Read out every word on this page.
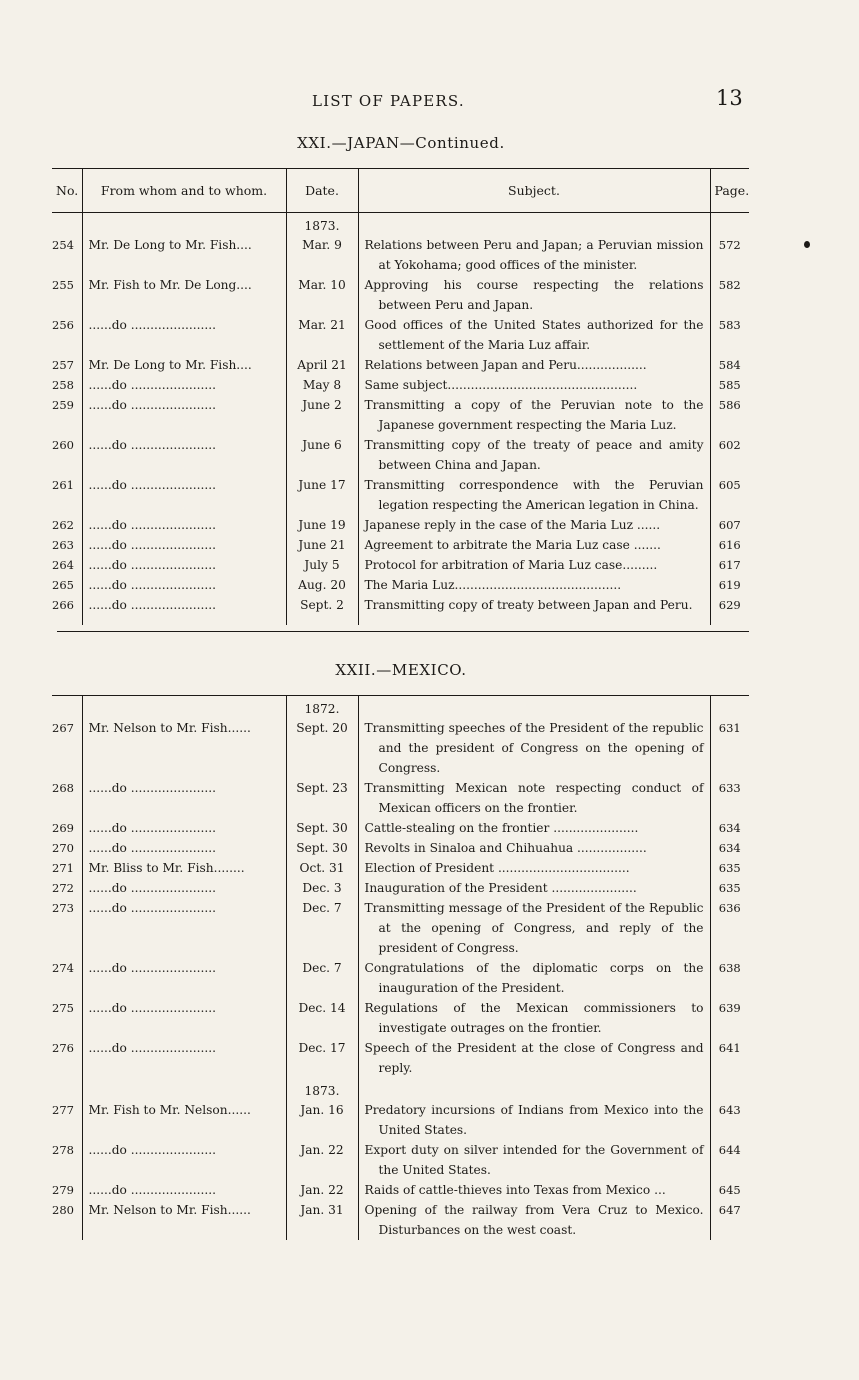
LIST OF PAPERS.	13
XXI.—JAPAN—Continued.
No.	From whom and to whom.	Date.	Subject.	Page.
		1873.		
254	Mr. De Long to Mr. Fish....	Mar. 9	Relations between Peru and Japan; a Peruvian mission at Yokohama; good offices of the minister.	572
255	Mr. Fish to Mr. De Long....	Mar. 10	Approving his course respecting the relations between Peru and Japan.	582
256	......do ......................	Mar. 21	Good offices of the United States authorized for the settlement of the Maria Luz affair.	583
257	Mr. De Long to Mr. Fish....	April 21	Relations between Japan and Peru..................	584
258	......do ......................	May 8	Same subject.................................................	585
259	......do ......................	June 2	Transmitting a copy of the Peruvian note to the Japanese government respecting the Maria Luz.	586
260	......do ......................	June 6	Transmitting copy of the treaty of peace and amity between China and Japan.	602
261	......do ......................	June 17	Transmitting correspondence with the Peruvian legation respecting the American legation in China.	605
262	......do ......................	June 19	Japanese reply in the case of the Maria Luz ......	607
263	......do ......................	June 21	Agreement to arbitrate the Maria Luz case .......	616
264	......do ......................	July 5	Protocol for arbitration of Maria Luz case.........	617
265	......do ......................	Aug. 20	The Maria Luz...........................................	619
266	......do ......................	Sept. 2	Transmitting copy of treaty between Japan and Peru.	629

XXII.—MEXICO.
		1872.		
267	Mr. Nelson to Mr. Fish......	Sept. 20	Transmitting speeches of the President of the republic and the president of Congress on the opening of Congress.	631
268	......do ......................	Sept. 23	Transmitting Mexican note respecting conduct of Mexican officers on the frontier.	633
269	......do ......................	Sept. 30	Cattle-stealing on the frontier ......................	634
270	......do ......................	Sept. 30	Revolts in Sinaloa and Chihuahua ..................	634
271	Mr. Bliss to Mr. Fish........	Oct. 31	Election of President ..................................	635
272	......do ......................	Dec. 3	Inauguration of the President ......................	635
273	......do ......................	Dec. 7	Transmitting message of the President of the Republic at the opening of Congress, and reply of the president of Congress.	636
274	......do ......................	Dec. 7	Congratulations of the diplomatic corps on the inauguration of the President.	638
275	......do ......................	Dec. 14	Regulations of the Mexican commissioners to investigate outrages on the frontier.	639
276	......do ......................	Dec. 17	Speech of the President at the close of Congress and reply.	641
		1873.		
277	Mr. Fish to Mr. Nelson......	Jan. 16	Predatory incursions of Indians from Mexico into the United States.	643
278	......do ......................	Jan. 22	Export duty on silver intended for the Government of the United States.	644
279	......do ......................	Jan. 22	Raids of cattle-thieves into Texas from Mexico ...	645
280	Mr. Nelson to Mr. Fish......	Jan. 31	Opening of the railway from Vera Cruz to Mexico. Disturbances on the west coast.	647
